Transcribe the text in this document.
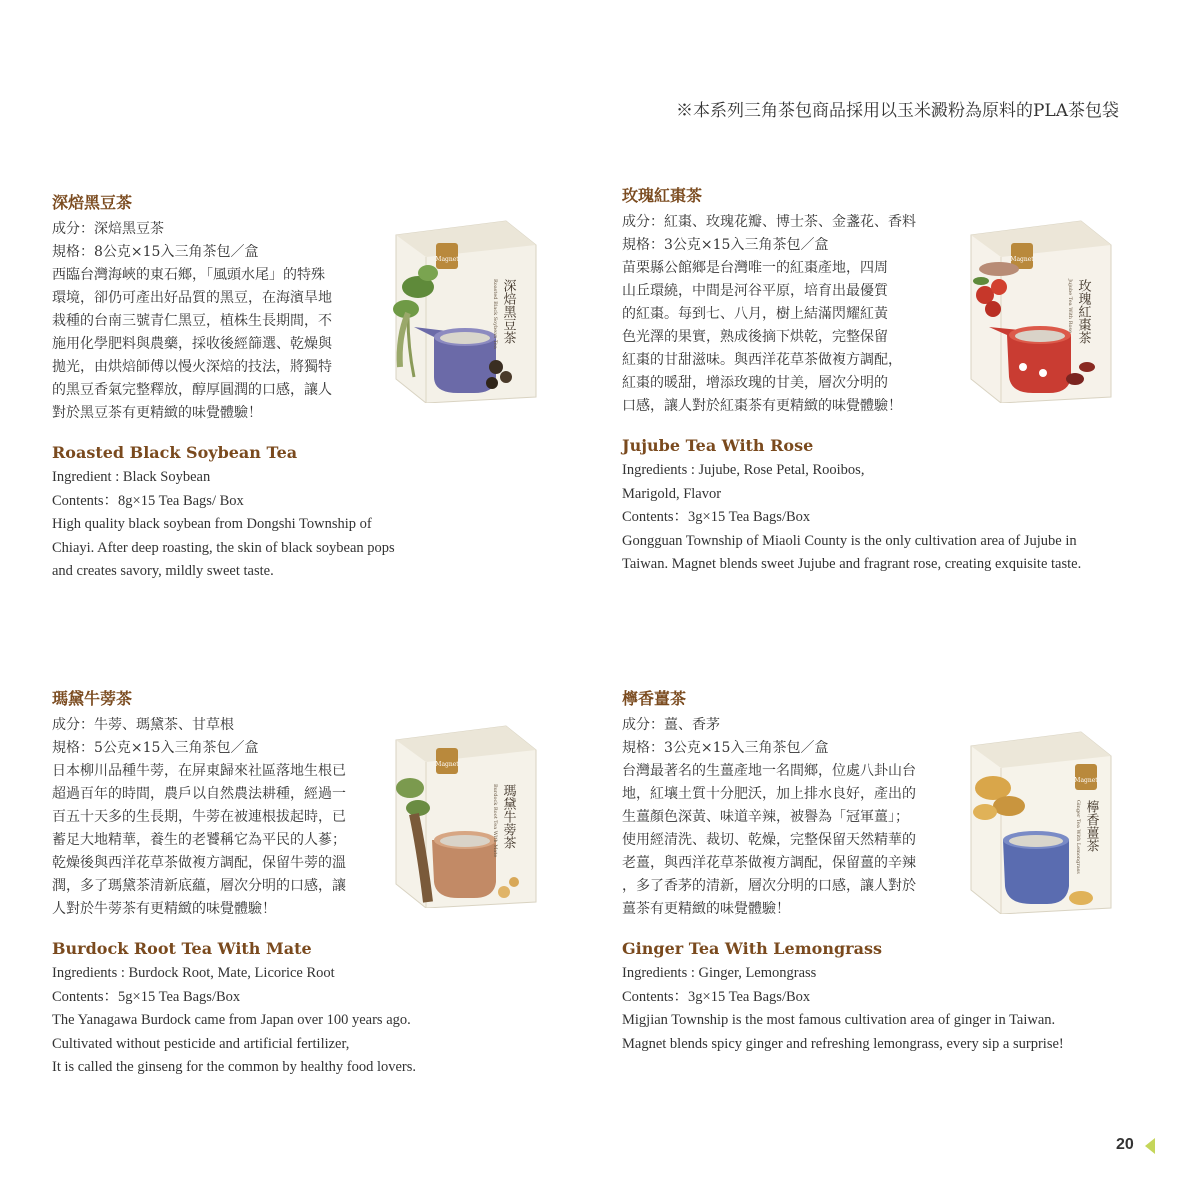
※本系列三角茶包商品採用以玉米澱粉為原料的PLA茶包袋
深焙黑豆茶
成分：深焙黑豆茶
規格：8公克×15入三角茶包／盒
西臨台灣海峽的東石鄉，「風頭水尾」的特殊
環境，卻仍可產出好品質的黑豆，在海濱旱地
栽種的台南三號青仁黑豆，植株生長期間，不
施用化學肥料與農藥，採收後經篩選、乾燥與
拋光，由烘焙師傅以慢火深焙的技法，將獨特
的黑豆香氣完整釋放，醇厚圓潤的口感，讓人
對於黑豆茶有更精緻的味覺體驗！
Roasted Black Soybean Tea
Ingredient : Black Soybean
Contents：8g×15 Tea Bags/ Box
High quality black soybean from Dongshi Township of
Chiayi. After deep roasting, the skin of black soybean pops
and creates savory, mildly sweet taste.
玫瑰紅棗茶
成分：紅棗、玫瑰花瓣、博士茶、金盞花、香料
規格：3公克×15入三角茶包／盒
苗栗縣公館鄉是台灣唯一的紅棗產地，四周
山丘環繞，中間是河谷平原，培育出最優質
的紅棗。每到七、八月，樹上結滿閃耀紅黃
色光澤的果實，熟成後摘下烘乾，完整保留
紅棗的甘甜滋味。與西洋花草茶做複方調配，
紅棗的暖甜，增添玫瑰的甘美，層次分明的
口感，讓人對於紅棗茶有更精緻的味覺體驗！
Jujube Tea With Rose
Ingredients : Jujube, Rose Petal, Rooibos,
Marigold, Flavor
Contents：3g×15 Tea Bags/Box
Gongguan Township of Miaoli County is the only cultivation area of Jujube in
Taiwan. Magnet blends sweet Jujube and fragrant rose, creating exquisite taste.
瑪黛牛蒡茶
成分：牛蒡、瑪黛茶、甘草根
規格：5公克×15入三角茶包／盒
日本柳川品種牛蒡，在屏東歸來社區落地生根已
超過百年的時間，農戶以自然農法耕種，經過一
百五十天多的生長期，牛蒡在被連根拔起時，已
蓄足大地精華，養生的老饕稱它為平民的人蔘；
乾燥後與西洋花草茶做複方調配，保留牛蒡的溫
潤，多了瑪黛茶清新底蘊，層次分明的口感，讓
人對於牛蒡茶有更精緻的味覺體驗！
Burdock Root Tea With Mate
Ingredients : Burdock Root, Mate, Licorice Root
Contents：5g×15 Tea Bags/Box
The Yanagawa Burdock came from Japan over 100 years ago.
Cultivated without pesticide and artificial fertilizer,
It is called the ginseng for the common by healthy food lovers.
檸香薑茶
成分：薑、香茅
規格：3公克×15入三角茶包／盒
台灣最著名的生薑產地一名間鄉，位處八卦山台
地，紅壤土質十分肥沃，加上排水良好，產出的
生薑顏色深黃、味道辛辣，被譽為「冠軍薑」；
使用經清洗、裁切、乾燥，完整保留天然精華的
老薑，與西洋花草茶做複方調配，保留薑的辛辣
，多了香茅的清新，層次分明的口感，讓人對於
薑茶有更精緻的味覺體驗！
Ginger Tea With Lemongrass
Ingredients : Ginger, Lemongrass
Contents：3g×15 Tea Bags/Box
Migjian Township is the most famous cultivation area of ginger in Taiwan.
Magnet blends spicy ginger and refreshing lemongrass, every sip a surprise!
Magnet
深焙黑豆茶
Roasted Black Soybean Tea
Magnet
玫瑰紅棗茶
Jujube Tea With Rose
Magnet
瑪黛牛蒡茶
Burdock Root Tea With Mate
Magnet
檸香薑茶
Ginger Tea With Lemongrass
20
